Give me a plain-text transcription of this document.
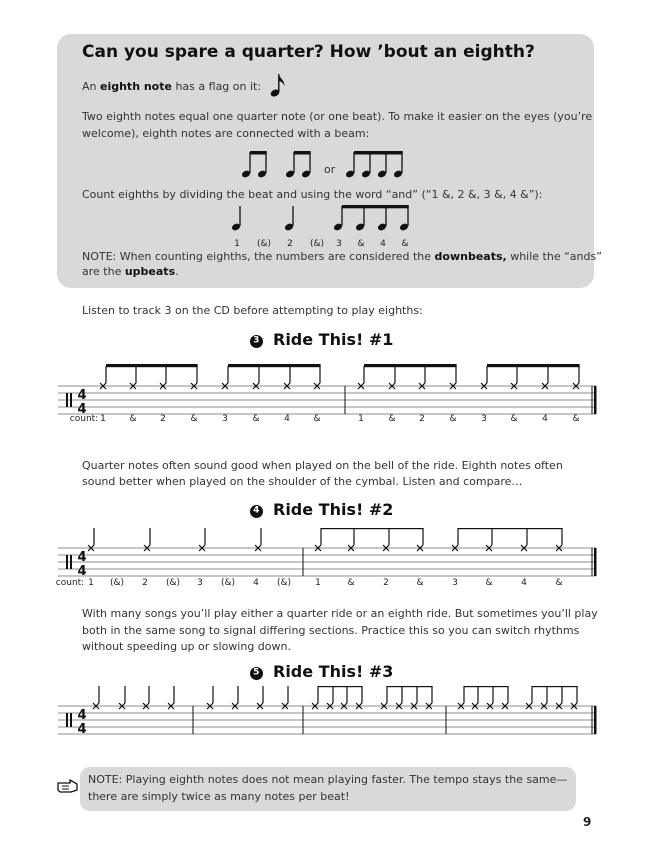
Can you spare a quarter? How ’bout an eighth?
An eighth note has a flag on it:
Two eighth notes equal one quarter note (or one beat). To make it easier on the eyes (you’re
welcome), eighth notes are connected with a beam:
or
Count eighths by dividing the beat and using the word “and” (“1 &, 2 &, 3 &, 4 &”):
1 (&) 2 (&) 3 & 4 &
NOTE: When counting eighths, the numbers are considered the downbeats, while the “ands”
are the upbeats.
Listen to track 3 on the CD before attempting to play eighths:
3 Ride This! #1
4
4
count: 1	&	2	&	3	&	4	&	1	&	2	&	3	&	4	&
Quarter notes often sound good when played on the bell of the ride. Eighth notes often
sound better when played on the shoulder of the cymbal. Listen and compare…
4 Ride This! #2
4
4
count: 1 (&) 2 (&) 3 (&) 4 (&)	1	&	2	&	3	&	4	&
With many songs you’ll play either a quarter ride or an eighth ride. But sometimes you’ll play
both in the same song to signal differing sections. Practice this so you can switch rhythms
without speeding up or slowing down.
5 Ride This! #3
4
4
NOTE: Playing eighth notes does not mean playing faster. The tempo stays the same—
there are simply twice as many notes per beat!
9
